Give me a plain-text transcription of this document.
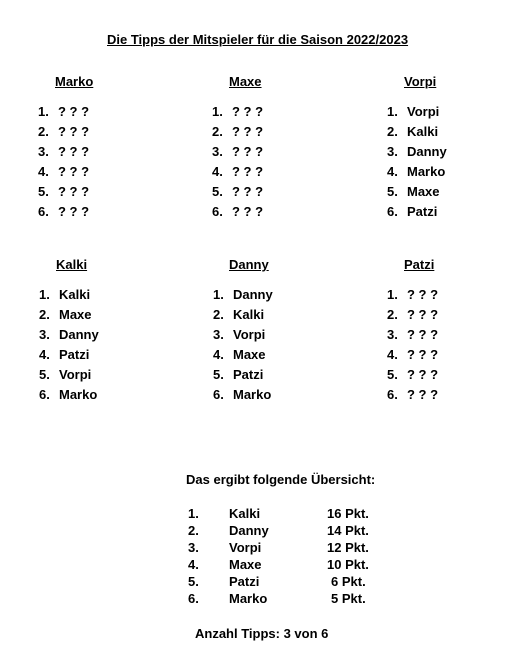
Die Tipps der Mitspieler für die Saison 2022/2023
Marko
1. ? ? ?
2. ? ? ?
3. ? ? ?
4. ? ? ?
5. ? ? ?
6. ? ? ?
Maxe
1. ? ? ?
2. ? ? ?
3. ? ? ?
4. ? ? ?
5. ? ? ?
6. ? ? ?
Vorpi
1. Vorpi
2. Kalki
3. Danny
4. Marko
5. Maxe
6. Patzi
Kalki
1. Kalki
2. Maxe
3. Danny
4. Patzi
5. Vorpi
6. Marko
Danny
1. Danny
2. Kalki
3. Vorpi
4. Maxe
5. Patzi
6. Marko
Patzi
1. ? ? ?
2. ? ? ?
3. ? ? ?
4. ? ? ?
5. ? ? ?
6. ? ? ?
Das ergibt folgende Übersicht:
1. Kalki	16 Pkt.
2. Danny	14 Pkt.
3. Vorpi	12 Pkt.
4. Maxe	10 Pkt.
5. Patzi	6 Pkt.
6. Marko	5 Pkt.
Anzahl Tipps: 3 von 6
